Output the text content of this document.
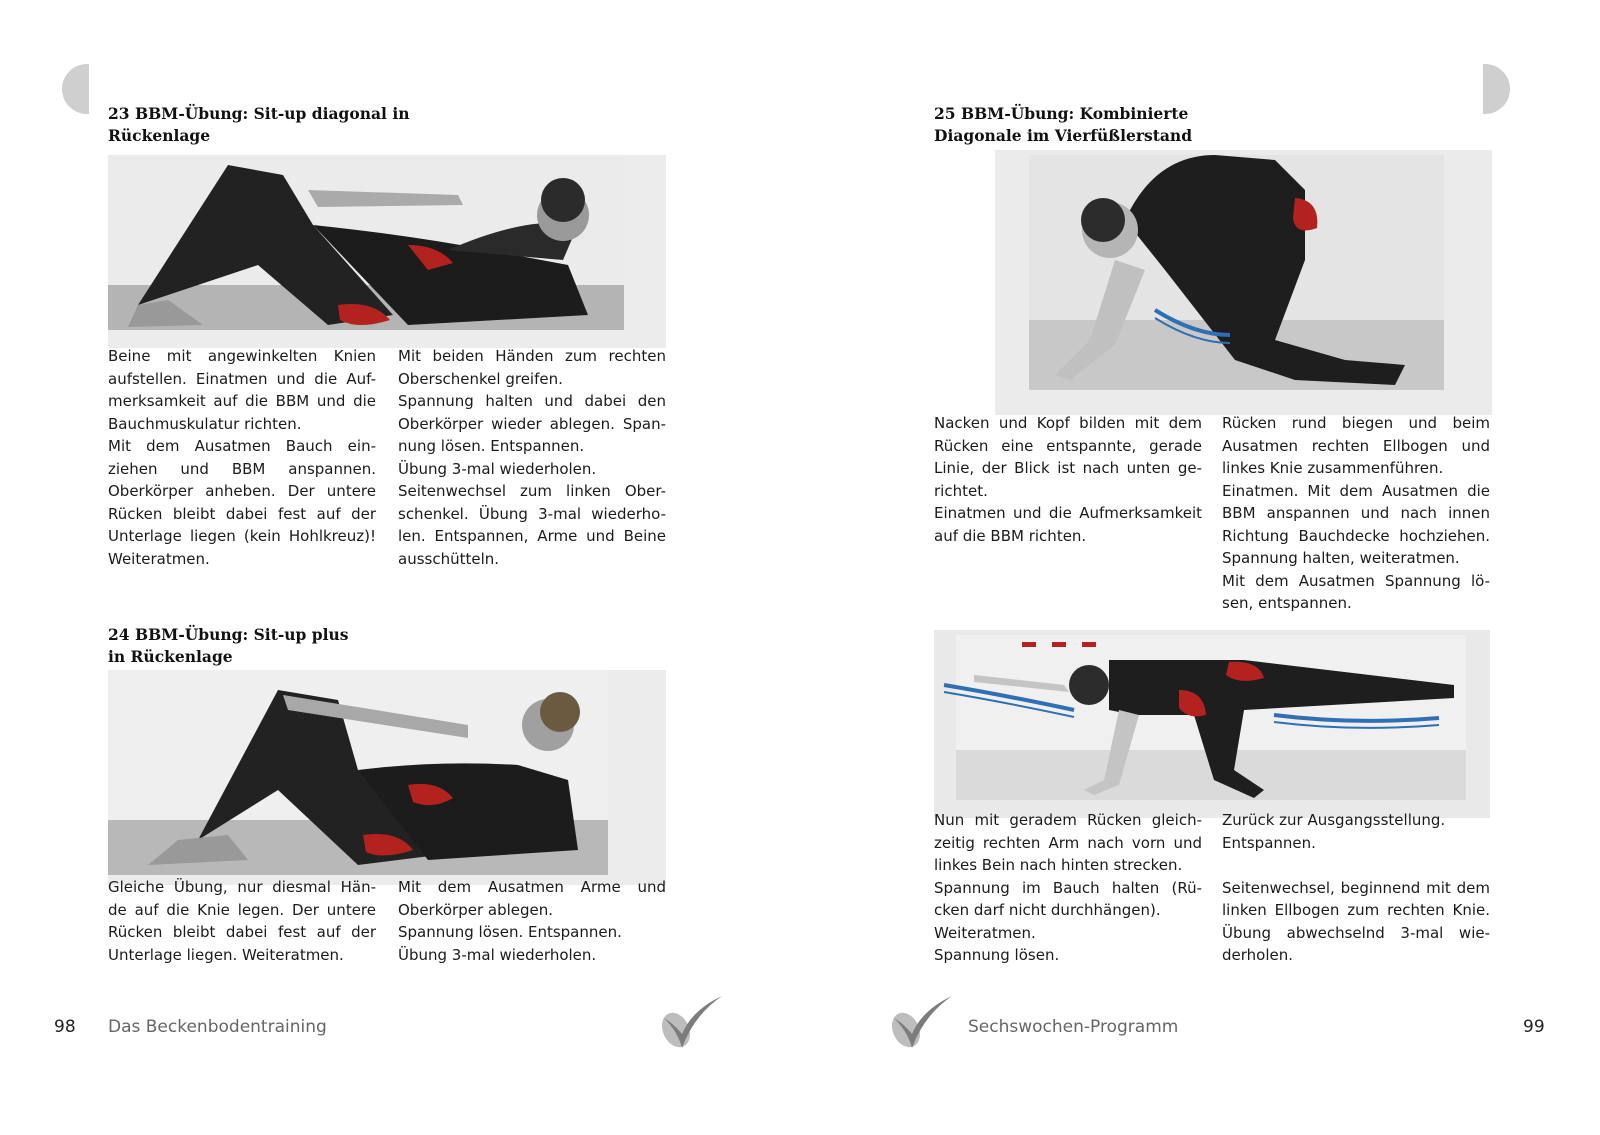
23 BBM-Übung: Sit-up diagonal in
Rückenlage
Beine mit angewinkelten Knien
aufstellen. Einatmen und die Auf-
merksamkeit auf die BBM und die
Bauchmuskulatur richten.
Mit dem Ausatmen Bauch ein-
ziehen und BBM anspannen.
Oberkörper anheben. Der untere
Rücken bleibt dabei fest auf der
Unterlage liegen (kein Hohlkreuz)!
Weiteratmen.
Mit beiden Händen zum rechten
Oberschenkel greifen.
Spannung halten und dabei den
Oberkörper wieder ablegen. Span-
nung lösen. Entspannen.
Übung 3-mal wiederholen.
Seitenwechsel zum linken Ober-
schenkel. Übung 3-mal wiederho-
len. Entspannen, Arme und Beine
ausschütteln.
24 BBM-Übung: Sit-up plus
in Rückenlage
Gleiche Übung, nur diesmal Hän-
de auf die Knie legen. Der untere
Rücken bleibt dabei fest auf der
Unterlage liegen. Weiteratmen.
Mit dem Ausatmen Arme und
Oberkörper ablegen.
Spannung lösen. Entspannen.
Übung 3-mal wiederholen.
25 BBM-Übung: Kombinierte
Diagonale im Vierfüßlerstand
Nacken und Kopf bilden mit dem
Rücken eine entspannte, gerade
Linie, der Blick ist nach unten ge-
richtet.
Einatmen und die Aufmerksamkeit
auf die BBM richten.
Rücken rund biegen und beim
Ausatmen rechten Ellbogen und
linkes Knie zusammenführen.
Einatmen. Mit dem Ausatmen die
BBM anspannen und nach innen
Richtung Bauchdecke hochziehen.
Spannung halten, weiteratmen.
Mit dem Ausatmen Spannung lö-
sen, entspannen.
Nun mit geradem Rücken gleich-
zeitig rechten Arm nach vorn und
linkes Bein nach hinten strecken.
Spannung im Bauch halten (Rü-
cken darf nicht durchhängen).
Weiteratmen.
Spannung lösen.
Zurück zur Ausgangsstellung.
Entspannen.
Seitenwechsel, beginnend mit dem
linken Ellbogen zum rechten Knie.
Übung abwechselnd 3-mal wie-
derholen.
98 Das Beckenbodentraining	Sechswochen-Programm	99
